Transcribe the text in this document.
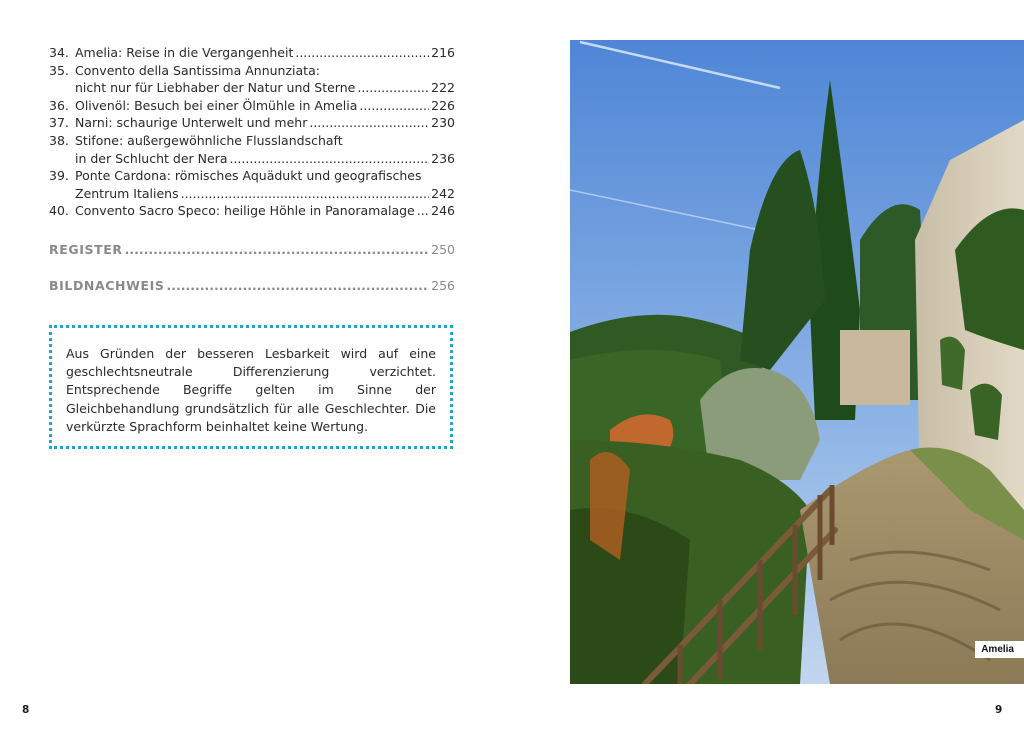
34. Amelia: Reise in die Vergangenheit .....	216
35. Convento della Santissima Annunziata:
nicht nur für Liebhaber der Natur und Sterne .....	222
36. Olivenöl: Besuch bei einer Ölmühle in Amelia .....	226
37. Narni: schaurige Unterwelt und mehr .....	230
38. Stifone: außergewöhnliche Flusslandschaft
in der Schlucht der Nera .....	236
39. Ponte Cardona: römisches Aquädukt und geografisches
Zentrum Italiens .....	242
40. Convento Sacro Speco: heilige Höhle in Panoramalage ..... 246
REGISTER .....	250
BILDNACHWEIS .....	256
Aus Gründen der besseren Lesbarkeit wird auf eine geschlechtsneutrale Differenzierung verzichtet. Entsprechende Begriffe gelten im Sinne der Gleichbehandlung grundsätzlich für alle Geschlechter. Die verkürzte Sprachform beinhaltet keine Wertung.
8
Amelia
9
